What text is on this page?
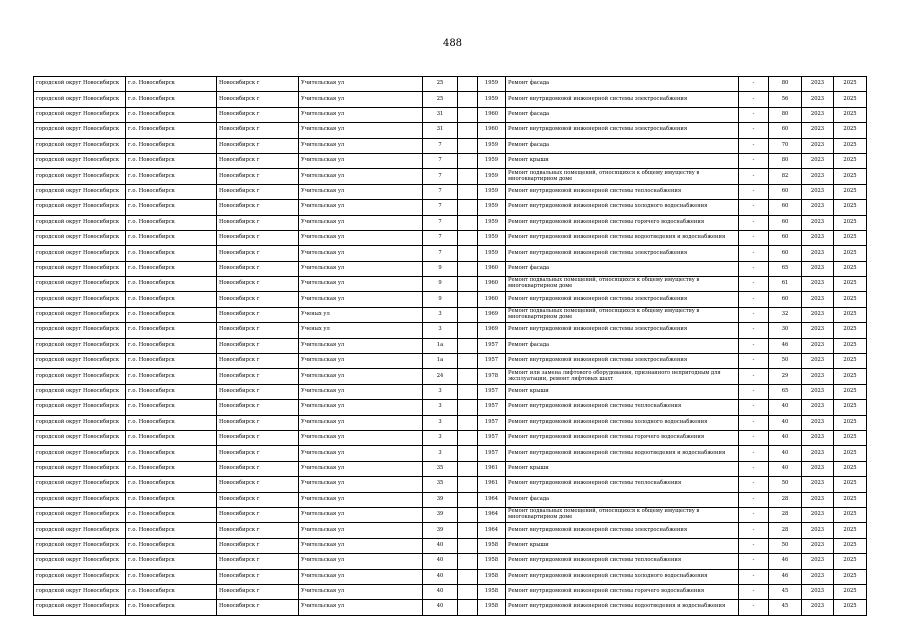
488
городской округ Новосибирск	г.о. Новосибирск	Новосибирск г	Учительская ул	25		1959	Ремонт фасада	-	80	2023	2025
городской округ Новосибирск	г.о. Новосибирск	Новосибирск г	Учительская ул	25		1959	Ремонт внутридомовой инженерной системы электроснабжения	-	56	2023	2025
городской округ Новосибирск	г.о. Новосибирск	Новосибирск г	Учительская ул	31		1960	Ремонт фасада	-	80	2023	2025
городской округ Новосибирск	г.о. Новосибирск	Новосибирск г	Учительская ул	31		1960	Ремонт внутридомовой инженерной системы электроснабжения	-	60	2023	2025
городской округ Новосибирск	г.о. Новосибирск	Новосибирск г	Учительская ул	7		1959	Ремонт фасада	-	70	2023	2025
городской округ Новосибирск	г.о. Новосибирск	Новосибирск г	Учительская ул	7		1959	Ремонт крыши	-	80	2023	2025
городской округ Новосибирск	г.о. Новосибирск	Новосибирск г	Учительская ул	7		1959	Ремонт подвальных помещений, относящихся к общему имуществу в многоквартирном доме	-	82	2023	2025
городской округ Новосибирск	г.о. Новосибирск	Новосибирск г	Учительская ул	7		1959	Ремонт внутридомовой инженерной системы теплоснабжения	-	60	2023	2025
городской округ Новосибирск	г.о. Новосибирск	Новосибирск г	Учительская ул	7		1959	Ремонт внутридомовой инженерной системы холодного водоснабжения	-	60	2023	2025
городской округ Новосибирск	г.о. Новосибирск	Новосибирск г	Учительская ул	7		1959	Ремонт внутридомовой инженерной системы горячего водоснабжения	-	60	2023	2025
городской округ Новосибирск	г.о. Новосибирск	Новосибирск г	Учительская ул	7		1959	Ремонт внутридомовой инженерной системы водоотведения и водоснабжения	-	60	2023	2025
городской округ Новосибирск	г.о. Новосибирск	Новосибирск г	Учительская ул	7		1959	Ремонт внутридомовой инженерной системы электроснабжения	-	60	2023	2025
городской округ Новосибирск	г.о. Новосибирск	Новосибирск г	Учительская ул	9		1960	Ремонт фасада	-	65	2023	2025
городской округ Новосибирск	г.о. Новосибирск	Новосибирск г	Учительская ул	9		1960	Ремонт подвальных помещений, относящихся к общему имуществу в многоквартирном доме	-	61	2023	2025
городской округ Новосибирск	г.о. Новосибирск	Новосибирск г	Учительская ул	9		1960	Ремонт внутридомовой инженерной системы электроснабжения	-	60	2023	2025
городской округ Новосибирск	г.о. Новосибирск	Новосибирск г	Ученых ул	3		1969	Ремонт подвальных помещений, относящихся к общему имуществу в многоквартирном доме	-	32	2023	2025
городской округ Новосибирск	г.о. Новосибирск	Новосибирск г	Ученых ул	3		1969	Ремонт внутридомовой инженерной системы электроснабжения	-	30	2023	2025
городской округ Новосибирск	г.о. Новосибирск	Новосибирск г	Учительская ул	1а		1957	Ремонт фасада	-	46	2023	2025
городской округ Новосибирск	г.о. Новосибирск	Новосибирск г	Учительская ул	1а		1957	Ремонт внутридомовой инженерной системы электроснабжения	-	50	2023	2025
городской округ Новосибирск	г.о. Новосибирск	Новосибирск г	Учительская ул	24		1978	Ремонт или замена лифтового оборудования, признанного непригодным для эксплуатации, ремонт лифтовых шахт	-	29	2023	2025
городской округ Новосибирск	г.о. Новосибирск	Новосибирск г	Учительская ул	3		1957	Ремонт крыши	-	65	2023	2025
городской округ Новосибирск	г.о. Новосибирск	Новосибирск г	Учительская ул	3		1957	Ремонт внутридомовой инженерной системы теплоснабжения	-	40	2023	2025
городской округ Новосибирск	г.о. Новосибирск	Новосибирск г	Учительская ул	3		1957	Ремонт внутридомовой инженерной системы холодного водоснабжения	-	40	2023	2025
городской округ Новосибирск	г.о. Новосибирск	Новосибирск г	Учительская ул	3		1957	Ремонт внутридомовой инженерной системы горячего водоснабжения	-	40	2023	2025
городской округ Новосибирск	г.о. Новосибирск	Новосибирск г	Учительская ул	3		1957	Ремонт внутридомовой инженерной системы водоотведения и водоснабжения	-	40	2023	2025
городской округ Новосибирск	г.о. Новосибирск	Новосибирск г	Учительская ул	35		1961	Ремонт крыши	-	40	2023	2025
городской округ Новосибирск	г.о. Новосибирск	Новосибирск г	Учительская ул	35		1961	Ремонт внутридомовой инженерной системы теплоснабжения	-	50	2023	2025
городской округ Новосибирск	г.о. Новосибирск	Новосибирск г	Учительская ул	39		1964	Ремонт фасада	-	28	2023	2025
городской округ Новосибирск	г.о. Новосибирск	Новосибирск г	Учительская ул	39		1964	Ремонт подвальных помещений, относящихся к общему имуществу в многоквартирном доме	-	28	2023	2025
городской округ Новосибирск	г.о. Новосибирск	Новосибирск г	Учительская ул	39		1964	Ремонт внутридомовой инженерной системы электроснабжения	-	28	2023	2025
городской округ Новосибирск	г.о. Новосибирск	Новосибирск г	Учительская ул	40		1958	Ремонт крыши	-	50	2023	2025
городской округ Новосибирск	г.о. Новосибирск	Новосибирск г	Учительская ул	40		1958	Ремонт внутридомовой инженерной системы теплоснабжения	-	46	2023	2025
городской округ Новосибирск	г.о. Новосибирск	Новосибирск г	Учительская ул	40		1958	Ремонт внутридомовой инженерной системы холодного водоснабжения	-	46	2023	2025
городской округ Новосибирск	г.о. Новосибирск	Новосибирск г	Учительская ул	40		1958	Ремонт внутридомовой инженерной системы горячего водоснабжения	-	45	2023	2025
городской округ Новосибирск	г.о. Новосибирск	Новосибирск г	Учительская ул	40		1958	Ремонт внутридомовой инженерной системы водоотведения и водоснабжения	-	45	2023	2025
